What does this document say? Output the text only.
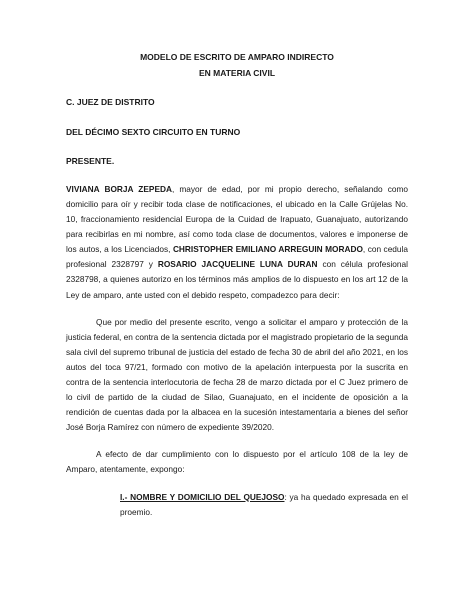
MODELO DE ESCRITO DE AMPARO INDIRECTO

EN MATERIA CIVIL

C. JUEZ DE DISTRITO

DEL DÉCIMO SEXTO CIRCUITO EN TURNO

PRESENTE.

VIVIANA BORJA ZEPEDA, mayor de edad, por mi propio derecho, señalando como domicilio para oír y recibir toda clase de notificaciones, el ubicado en la Calle Grújelas No. 10, fraccionamiento residencial Europa de la Cuidad de Irapuato, Guanajuato, autorizando para recibirlas en mi nombre, así como toda clase de documentos, valores e imponerse de los autos, a los Licenciados, CHRISTOPHER EMILIANO ARREGUIN MORADO, con cedula profesional 2328797 y ROSARIO JACQUELINE LUNA DURAN con célula profesional 2328798, a quienes autorizo en los términos más amplios de lo dispuesto en los art 12 de la Ley de amparo, ante usted con el debido respeto, compadezco para decir:

Que por medio del presente escrito, vengo a solicitar el amparo y protección de la justicia federal, en contra de la sentencia dictada por el magistrado propietario de la segunda sala civil del supremo tribunal de justicia del estado de fecha 30 de abril del año 2021, en los autos del toca 97/21, formado con motivo de la apelación interpuesta por la suscrita en contra de la sentencia interlocutoria de fecha 28 de marzo dictada por el C Juez primero de lo civil de partido de la ciudad de Silao, Guanajuato, en el incidente de oposición a la rendición de cuentas dada por la albacea en la sucesión intestamentaria a bienes del señor José Borja Ramírez con número de expediente 39/2020.

A efecto de dar cumplimiento con lo dispuesto por el artículo 108 de la ley de Amparo, atentamente, expongo:

I.- NOMBRE Y DOMICILIO DEL QUEJOSO: ya ha quedado expresada en el proemio.
